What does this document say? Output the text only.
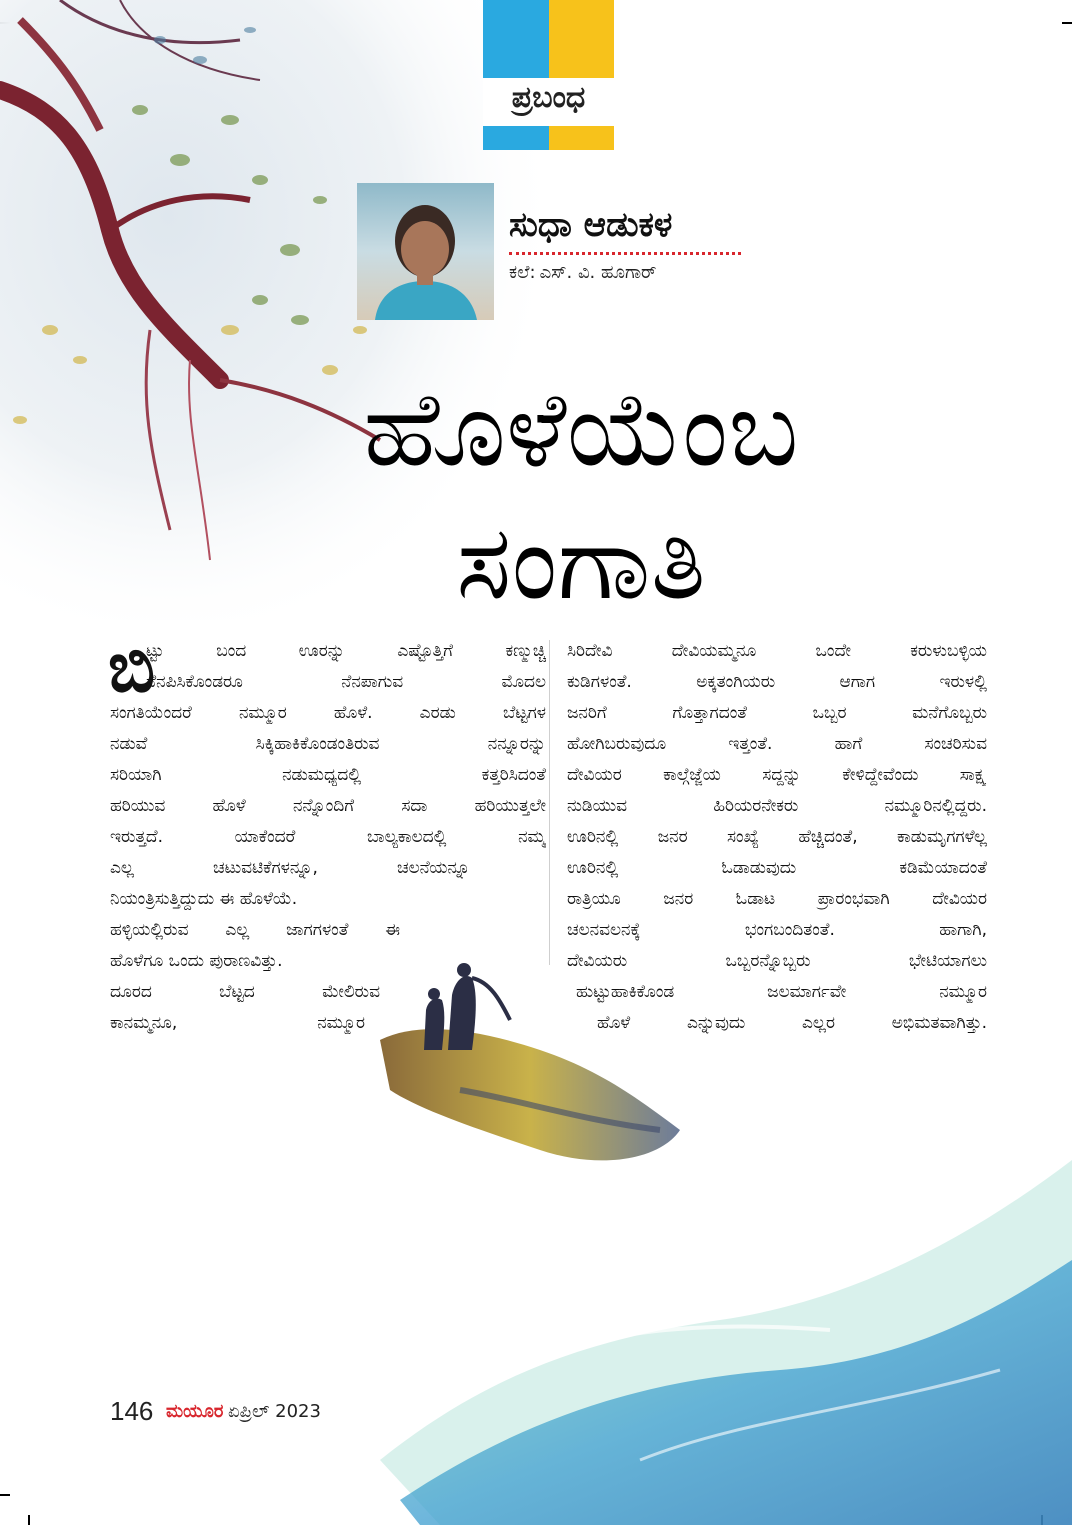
ಪ್ರಬಂಧ
ಸುಧಾ ಆಡುಕಳ
ಕಲೆ: ಎಸ್‌. ವಿ. ಹೂಗಾರ್
ಹೊಳೆಯೆಂಬ
ಸಂಗಾತಿ
ಬಿ
ಟ್ಟು ಬಂದ ಊರನ್ನು ಎಷ್ಟೊತ್ತಿಗೆ ಕಣ್ಮುಚ್ಚಿ
ನೆನಪಿಸಿಕೊಂಡರೂ ನೆನಪಾಗುವ ಮೊದಲ
ಸಂಗತಿಯೆಂದರೆ ನಮ್ಮೂರ ಹೊಳೆ. ಎರಡು ಬೆಟ್ಟಗಳ
ನಡುವೆ ಸಿಕ್ಕಿಹಾಕಿಕೊಂಡಂತಿರುವ ನನ್ನೂರನ್ನು
ಸರಿಯಾಗಿ ನಡುಮಧ್ಯದಲ್ಲಿ ಕತ್ತರಿಸಿದಂತೆ
ಹರಿಯುವ ಹೊಳೆ ನನ್ನೊಂದಿಗೆ ಸದಾ ಹರಿಯುತ್ತಲೇ
ಇರುತ್ತದೆ. ಯಾಕೆಂದರೆ ಬಾಲ್ಯಕಾಲದಲ್ಲಿ ನಮ್ಮ
ಎಲ್ಲ ಚಟುವಟಿಕೆಗಳನ್ನೂ, ಚಲನೆಯನ್ನೂ
ನಿಯಂತ್ರಿಸುತ್ತಿದ್ದುದು ಈ ಹೊಳೆಯೆ.
ಹಳ್ಳಿಯಲ್ಲಿರುವ ಎಲ್ಲ ಜಾಗಗಳಂತೆ ಈ
ಹೊಳೆಗೂ ಒಂದು ಪುರಾಣವಿತ್ತು.
ದೂರದ ಬೆಟ್ಟದ ಮೇಲಿರುವ
ಕಾನಮ್ಮನೂ, ನಮ್ಮೂರ
ಸಿರಿದೇವಿ ದೇವಿಯಮ್ಮನೂ ಒಂದೇ ಕರುಳುಬಳ್ಳಿಯ
ಕುಡಿಗಳಂತೆ. ಅಕ್ಕತಂಗಿಯರು ಆಗಾಗ ಇರುಳಲ್ಲಿ
ಜನರಿಗೆ ಗೊತ್ತಾಗದಂತೆ ಒಬ್ಬರ ಮನೆಗೊಬ್ಬರು
ಹೋಗಿಬರುವುದೂ ಇತ್ತಂತೆ. ಹಾಗೆ ಸಂಚರಿಸುವ
ದೇವಿಯರ ಕಾಲ್ಗೆಜ್ಜೆಯ ಸದ್ದನ್ನು ಕೇಳಿದ್ದೇವೆಂದು ಸಾಕ್ಷ್ಯ
ನುಡಿಯುವ ಹಿರಿಯರನೇಕರು ನಮ್ಮೂರಿನಲ್ಲಿದ್ದರು.
ಊರಿನಲ್ಲಿ ಜನರ ಸಂಖ್ಯೆ ಹೆಚ್ಚಿದಂತೆ, ಕಾಡುಮೃಗಗಳೆಲ್ಲ
ಊರಿನಲ್ಲಿ ಓಡಾಡುವುದು ಕಡಿಮೆಯಾದಂತೆ
ರಾತ್ರಿಯೂ ಜನರ ಓಡಾಟ ಪ್ರಾರಂಭವಾಗಿ ದೇವಿಯರ
ಚಲನವಲನಕ್ಕೆ ಭಂಗಬಂದಿತಂತೆ. ಹಾಗಾಗಿ,
ದೇವಿಯರು ಒಬ್ಬರನ್ನೊಬ್ಬರು ಭೇಟಿಯಾಗಲು
ಹುಟ್ಟುಹಾಕಿಕೊಂಡ ಜಲಮಾರ್ಗವೇ ನಮ್ಮೂರ
ಹೊಳೆ ಎನ್ನುವುದು ಎಲ್ಲರ ಅಭಿಮತವಾಗಿತ್ತು.
146 ಮಯೂರ ಏಪ್ರಿಲ್ 2023
